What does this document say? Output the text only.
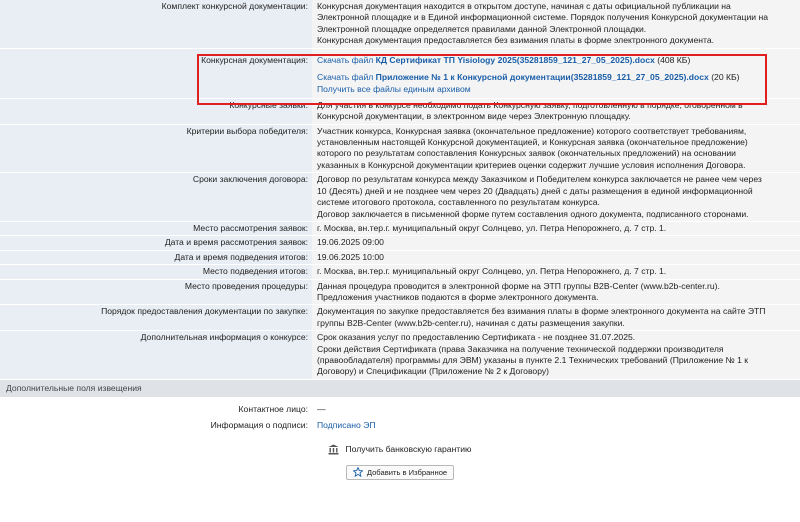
Комплект конкурсной документации:	Конкурсная документация находится в открытом доступе, начиная с даты официальной публикации на

Электронной площадке и в Единой информационной системе. Порядок получения Конкурсной документации на

Электронной площадке определяется правилами данной Электронной площадки.

Конкурсная документация предоставляется без взимания платы в форме электронного документа.

Конкурсная документация:	Скачать файл КД Сертификат ТП Yisiology 2025(35281859_121_27_05_2025).docx (408 КБ)

Скачать файл Приложение № 1 к Конкурсной документации(35281859_121_27_05_2025).docx (20 КБ)

Получить все файлы единым архивом

Конкурсные заявки:	Для участия в конкурсе необходимо подать Конкурсную заявку, подготовленную в порядке, оговоренном в

Конкурсной документации, в электронном виде через Электронную площадку.

Критерии выбора победителя:	Участник конкурса, Конкурсная заявка (окончательное предложение) которого соответствует требованиям,

установленным настоящей Конкурсной документацией, и Конкурсная заявка (окончательное предложение)

которого по результатам сопоставления Конкурсных заявок (окончательных предложений) на основании

указанных в Конкурсной документации критериев оценки содержит лучшие условия исполнения Договора.

Сроки заключения договора:	Договор по результатам конкурса между Заказчиком и Победителем конкурса заключается не ранее чем через

10 (Десять) дней и не позднее чем через 20 (Двадцать) дней с даты размещения в единой информационной

системе итогового протокола, составленного по результатам конкурса.

Договор заключается в письменной форме путем составления одного документа, подписанного сторонами.

Место рассмотрения заявок:	г. Москва, вн.тер.г. муниципальный округ Солнцево, ул. Петра Непорожнего, д. 7 стр. 1.
Дата и время рассмотрения заявок:	19.06.2025 09:00
Дата и время подведения итогов:	19.06.2025 10:00
Место подведения итогов:	г. Москва, вн.тер.г. муниципальный округ Солнцево, ул. Петра Непорожнего, д. 7 стр. 1.
Место проведения процедуры:	Данная процедура проводится в электронной форме на ЭТП группы B2B-Center (www.b2b-center.ru).

Предложения участников подаются в форме электронного документа.

Порядок предоставления документации по закупке:	Документация по закупке предоставляется без взимания платы в форме электронного документа на сайте ЭТП

группы B2B-Center (www.b2b-center.ru), начиная с даты размещения закупки.

Дополнительная информация о конкурсе:	Срок оказания услуг по предоставлению Сертификата - не позднее 31.07.2025.

Сроки действия Сертификата (права Заказчика на получение технической поддержки производителя

(правообладателя) программы для ЭВМ) указаны в пункте 2.1 Технических требований (Приложение № 1 к

Договору) и Спецификации (Приложение № 2 к Договору)

Дополнительные поля извещения
Контактное лицо:	—
Информация о подписи:	Подписано ЭП
Получить банковскую гарантию
Добавить в Избранное
